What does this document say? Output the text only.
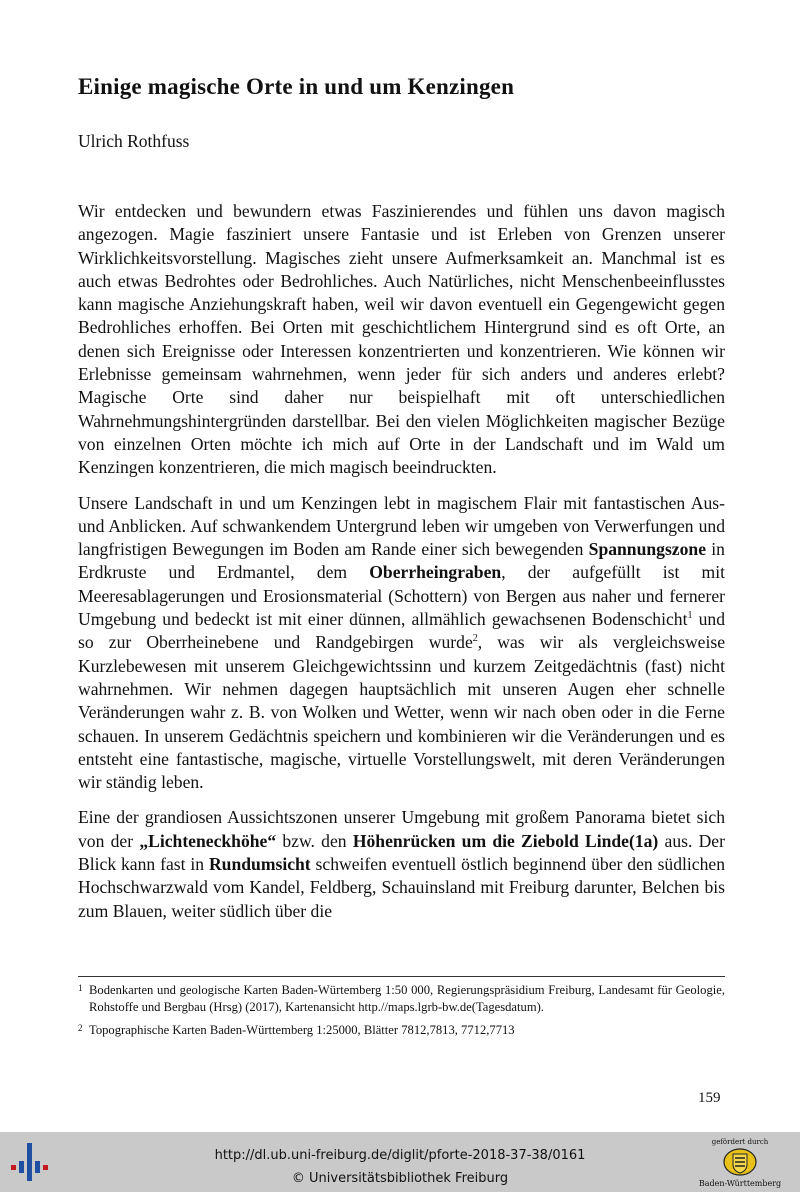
Einige magische Orte in und um Kenzingen
Ulrich Rothfuss

Wir entdecken und bewundern etwas Faszinierendes und fühlen uns davon magisch angezogen. Magie fasziniert unsere Fantasie und ist Erleben von Grenzen unserer Wirklichkeitsvorstellung. Magisches zieht unsere Aufmerksamkeit an. Manchmal ist es auch etwas Bedrohtes oder Bedrohliches. Auch Natürliches, nicht Menschenbeeinflusstes kann magische Anziehungskraft haben, weil wir davon eventuell ein Gegengewicht gegen Bedrohliches erhoffen. Bei Orten mit geschichtlichem Hintergrund sind es oft Orte, an denen sich Ereignisse oder Interessen konzentrierten und konzentrieren. Wie können wir Erlebnisse gemeinsam wahrnehmen, wenn jeder für sich anders und anderes erlebt? Magische Orte sind daher nur beispielhaft mit oft unterschiedlichen Wahrnehmungshintergründen darstellbar. Bei den vielen Möglichkeiten magischer Bezüge von einzelnen Orten möchte ich mich auf Orte in der Landschaft und im Wald um Kenzingen konzentrieren, die mich magisch beeindruckten.

Unsere Landschaft in und um Kenzingen lebt in magischem Flair mit fantastischen Aus- und Anblicken. Auf schwankendem Untergrund leben wir umgeben von Verwerfungen und langfristigen Bewegungen im Boden am Rande einer sich bewegenden Spannungszone in Erdkruste und Erdmantel, dem Oberrheingraben, der aufgefüllt ist mit Meeresablagerungen und Erosionsmaterial (Schottern) von Bergen aus naher und fernerer Umgebung und bedeckt ist mit einer dünnen, allmählich gewachsenen Bodenschicht$^1$ und so zur Oberrheinebene und Randgebirgen wurde$^2$, was wir als vergleichsweise Kurzlebewesen mit unserem Gleichgewichtssinn und kurzem Zeitgedächtnis (fast) nicht wahrnehmen. Wir nehmen dagegen hauptsächlich mit unseren Augen eher schnelle Veränderungen wahr z. B. von Wolken und Wetter, wenn wir nach oben oder in die Ferne schauen. In unserem Gedächtnis speichern und kombinieren wir die Veränderungen und es entsteht eine fantastische, magische, virtuelle Vorstellungswelt, mit deren Veränderungen wir ständig leben.

Eine der grandiosen Aussichtszonen unserer Umgebung mit großem Panorama bietet sich von der „Lichteneckhöhe“ bzw. den Höhenrücken um die Ziebold Linde(1a) aus. Der Blick kann fast in Rundumsicht schweifen eventuell östlich beginnend über den südlichen Hochschwarzwald vom Kandel, Feldberg, Schauinsland mit Freiburg darunter, Belchen bis zum Blauen, weiter südlich über die

1 Bodenkarten und geologische Karten Baden-Würtemberg 1:50 000, Regierungspräsidium Freiburg, Landesamt für Geologie, Rohstoffe und Bergbau (Hrsg) (2017), Kartenansicht http.//maps.lgrb-bw.de(Tagesdatum).
2 Topographische Karten Baden-Württemberg 1:25000, Blätter 7812,7813, 7712,7713
159
http://dl.ub.uni-freiburg.de/diglit/pforte-2018-37-38/0161
© Universitätsbibliothek Freiburg
gefördert durch
Baden-Württemberg
